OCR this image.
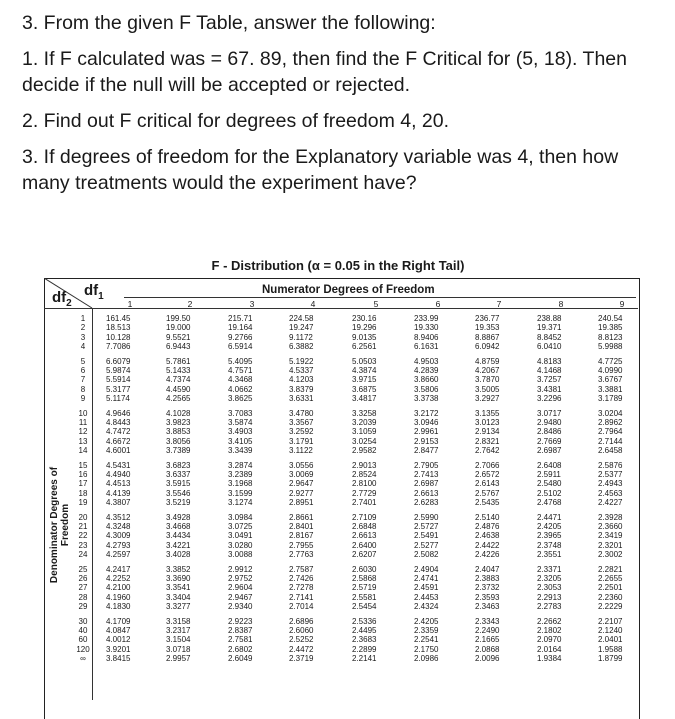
3. From the given F Table, answer the following:

1. If F calculated was = 67. 89, then find the F Critical for (5, 18). Then decide if the null will be accepted or rejected.

2. Find out F critical for degrees of freedom 4, 20.

3. If degrees of freedom for the Explanatory variable was 4, then how many treatments would the experiment have?

F - Distribution (α = 0.05 in the Right Tail)
Numerator Degrees of Freedom
$df_2$
$df_1$
Denominator Degrees of Freedom
1	2	3	4	5	6	7	8	9
1	161.45	199.50	215.71	224.58	230.16	233.99	236.77	238.88	240.54
2	18.513	19.000	19.164	19.247	19.296	19.330	19.353	19.371	19.385
3	10.128	9.5521	9.2766	9.1172	9.0135	8.9406	8.8867	8.8452	8.8123
4	7.7086	6.9443	6.5914	6.3882	6.2561	6.1631	6.0942	6.0410	5.9988
5	6.6079	5.7861	5.4095	5.1922	5.0503	4.9503	4.8759	4.8183	4.7725
6	5.9874	5.1433	4.7571	4.5337	4.3874	4.2839	4.2067	4.1468	4.0990
7	5.5914	4.7374	4.3468	4.1203	3.9715	3.8660	3.7870	3.7257	3.6767
8	5.3177	4.4590	4.0662	3.8379	3.6875	3.5806	3.5005	3.4381	3.3881
9	5.1174	4.2565	3.8625	3.6331	3.4817	3.3738	3.2927	3.2296	3.1789
10	4.9646	4.1028	3.7083	3.4780	3.3258	3.2172	3.1355	3.0717	3.0204
11	4.8443	3.9823	3.5874	3.3567	3.2039	3.0946	3.0123	2.9480	2.8962
12	4.7472	3.8853	3.4903	3.2592	3.1059	2.9961	2.9134	2.8486	2.7964
13	4.6672	3.8056	3.4105	3.1791	3.0254	2.9153	2.8321	2.7669	2.7144
14	4.6001	3.7389	3.3439	3.1122	2.9582	2.8477	2.7642	2.6987	2.6458
15	4.5431	3.6823	3.2874	3.0556	2.9013	2.7905	2.7066	2.6408	2.5876
16	4.4940	3.6337	3.2389	3.0069	2.8524	2.7413	2.6572	2.5911	2.5377
17	4.4513	3.5915	3.1968	2.9647	2.8100	2.6987	2.6143	2.5480	2.4943
18	4.4139	3.5546	3.1599	2.9277	2.7729	2.6613	2.5767	2.5102	2.4563
19	4.3807	3.5219	3.1274	2.8951	2.7401	2.6283	2.5435	2.4768	2.4227
20	4.3512	3.4928	3.0984	2.8661	2.7109	2.5990	2.5140	2.4471	2.3928
21	4.3248	3.4668	3.0725	2.8401	2.6848	2.5727	2.4876	2.4205	2.3660
22	4.3009	3.4434	3.0491	2.8167	2.6613	2.5491	2.4638	2.3965	2.3419
23	4.2793	3.4221	3.0280	2.7955	2.6400	2.5277	2.4422	2.3748	2.3201
24	4.2597	3.4028	3.0088	2.7763	2.6207	2.5082	2.4226	2.3551	2.3002
25	4.2417	3.3852	2.9912	2.7587	2.6030	2.4904	2.4047	2.3371	2.2821
26	4.2252	3.3690	2.9752	2.7426	2.5868	2.4741	2.3883	2.3205	2.2655
27	4.2100	3.3541	2.9604	2.7278	2.5719	2.4591	2.3732	2.3053	2.2501
28	4.1960	3.3404	2.9467	2.7141	2.5581	2.4453	2.3593	2.2913	2.2360
29	4.1830	3.3277	2.9340	2.7014	2.5454	2.4324	2.3463	2.2783	2.2229
30	4.1709	3.3158	2.9223	2.6896	2.5336	2.4205	2.3343	2.2662	2.2107
40	4.0847	3.2317	2.8387	2.6060	2.4495	2.3359	2.2490	2.1802	2.1240
60	4.0012	3.1504	2.7581	2.5252	2.3683	2.2541	2.1665	2.0970	2.0401
120 3.9201	3.0718	2.6802	2.4472	2.2899	2.1750	2.0868	2.0164	1.9588
∞	3.8415	2.9957	2.6049	2.3719	2.2141	2.0986	2.0096	1.9384	1.8799
